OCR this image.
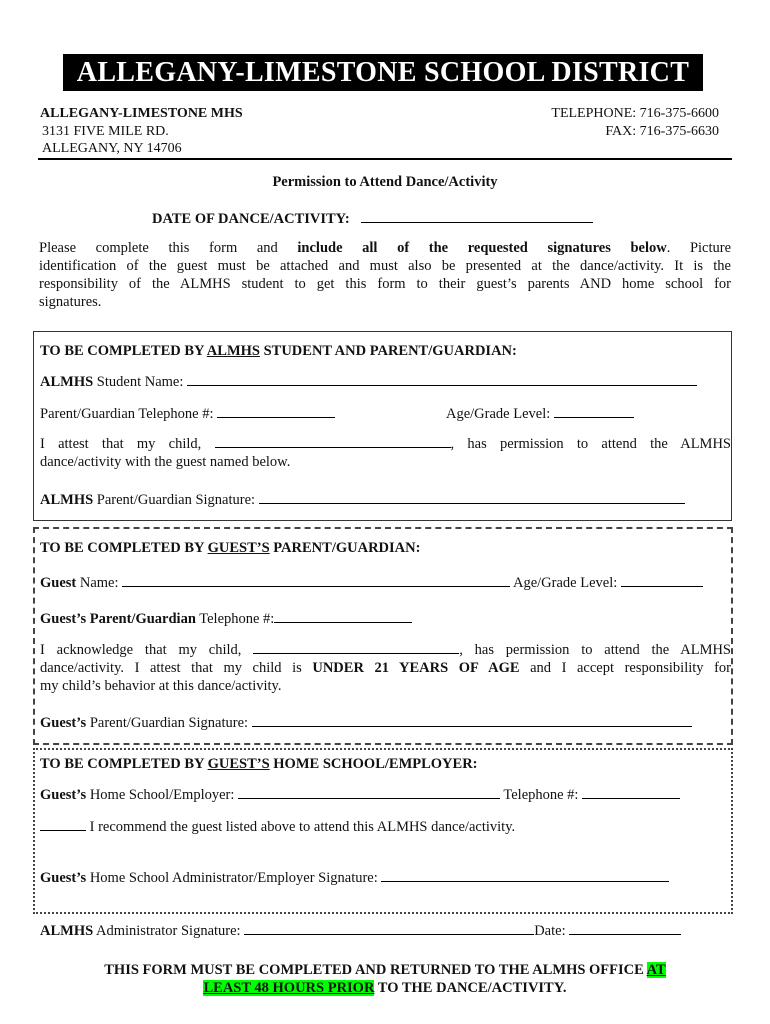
ALLEGANY-LIMESTONE SCHOOL DISTRICT
ALLEGANY-LIMESTONE MHS
3131 FIVE MILE RD.
ALLEGANY, NY 14706
TELEPHONE: 716-375-6600
FAX: 716-375-6630
Permission to Attend Dance/Activity
DATE OF DANCE/ACTIVITY:
Please complete this form and include all of the requested signatures below. Picture
identification of the guest must be attached and must also be presented at the dance/activity. It is the
responsibility of the ALMHS student to get this form to their guest’s parents AND home school for
signatures.
TO BE COMPLETED BY ALMHS STUDENT AND PARENT/GUARDIAN:
ALMHS Student Name:
Parent/Guardian Telephone #:	Age/Grade Level:
I attest that my child,	, has permission to attend the ALMHS
dance/activity with the guest named below.
ALMHS Parent/Guardian Signature:
TO BE COMPLETED BY GUEST’S PARENT/GUARDIAN:
Guest Name:	Age/Grade Level:
Guest’s Parent/Guardian Telephone #:
I acknowledge that my child,	, has permission to attend the ALMHS
dance/activity. I attest that my child is UNDER 21 YEARS OF AGE and I accept responsibility for
my child’s behavior at this dance/activity.
Guest’s Parent/Guardian Signature:
TO BE COMPLETED BY GUEST’S HOME SCHOOL/EMPLOYER:
Guest’s Home School/Employer:	Telephone #:
I recommend the guest listed above to attend this ALMHS dance/activity.
Guest’s Home School Administrator/Employer Signature:
ALMHS Administrator Signature:	Date:
THIS FORM MUST BE COMPLETED AND RETURNED TO THE ALMHS OFFICE AT
LEAST 48 HOURS PRIOR TO THE DANCE/ACTIVITY.
